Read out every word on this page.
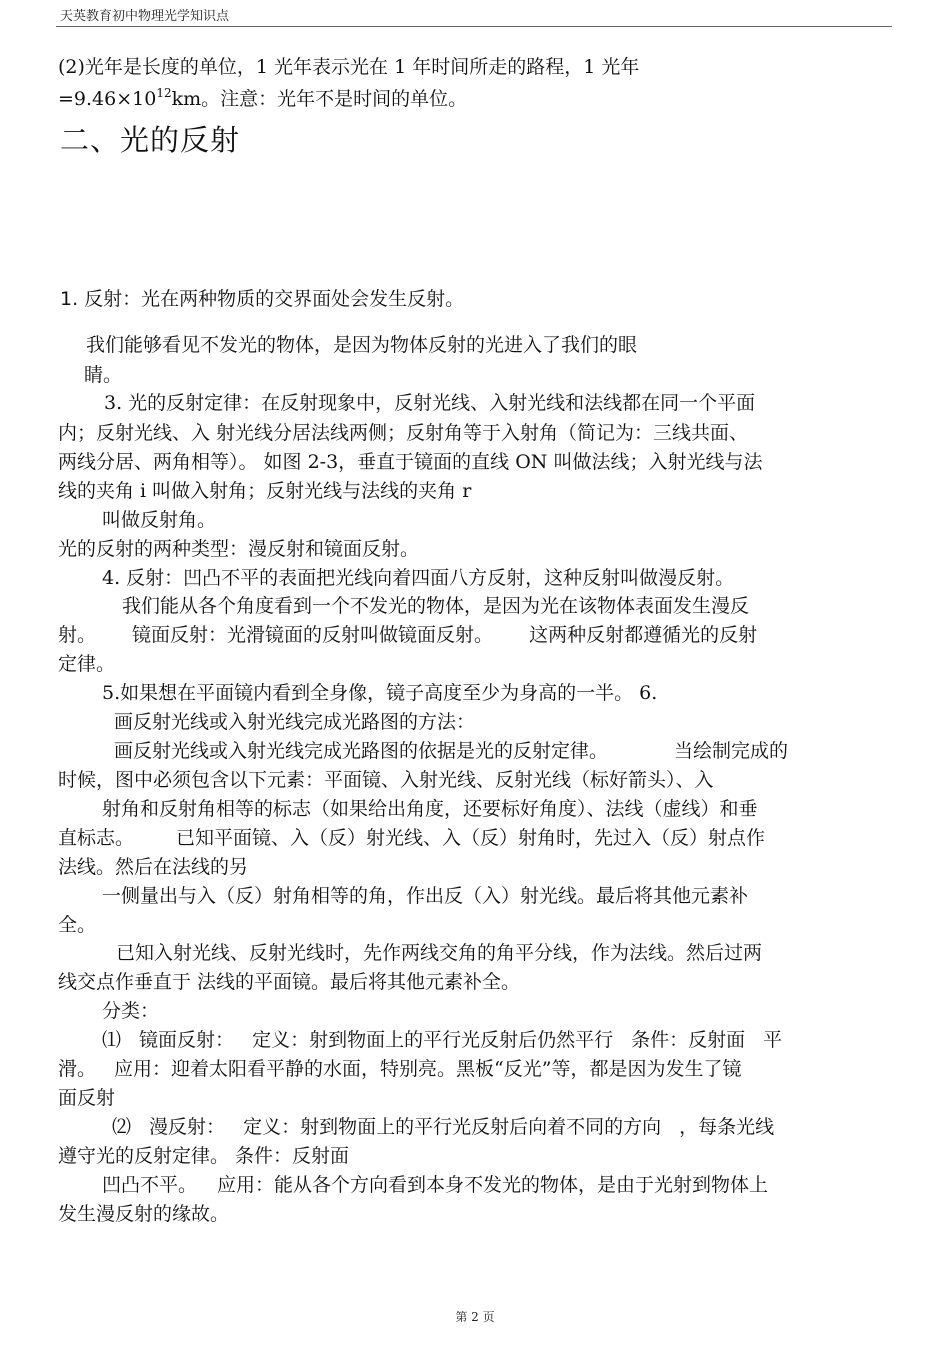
天英教育初中物理光学知识点
(2)光年是长度的单位，1 光年表示光在 1 年时间所走的路程，1 光年
$=9.46\times 10^{12}km$。注意：光年不是时间的单位。
二、光的反射
1. 反射：光在两种物质的交界面处会发生反射。
我们能够看见不发光的物体，是因为物体反射的光进入了我们的眼
睛。
3. 光的反射定律：在反射现象中，反射光线、入射光线和法线都在同一个平面
内；反射光线、入 射光线分居法线两侧；反射角等于入射角（简记为：三线共面、
两线分居、两角相等）。 如图 2-3，垂直于镜面的直线 ON 叫做法线；入射光线与法
线的夹角 i 叫做入射角；反射光线与法线的夹角 r
叫做反射角。
光的反射的两种类型：漫反射和镜面反射。
4. 反射：凹凸不平的表面把光线向着四面八方反射，这种反射叫做漫反射。
我们能从各个角度看到一个不发光的物体，是因为光在该物体表面发生漫反
射。 镜面反射：光滑镜面的反射叫做镜面反射。 这两种反射都遵循光的反射
定律。
5.如果想在平面镜内看到全身像，镜子高度至少为身高的一半。 6.
画反射光线或入射光线完成光路图的方法：
画反射光线或入射光线完成光路图的依据是光的反射定律。 当绘制完成的
时候，图中必须包含以下元素：平面镜、入射光线、反射光线（标好箭头）、入
射角和反射角相等的标志（如果给出角度，还要标好角度）、法线（虚线）和垂
直标志。 已知平面镜、入（反）射光线、入（反）射角时，先过入（反）射点作
法线。然后在法线的另
一侧量出与入（反）射角相等的角，作出反（入）射光线。最后将其他元素补
全。
已知入射光线、反射光线时，先作两线交角的角平分线，作为法线。然后过两
线交点作垂直于 法线的平面镜。最后将其他元素补全。
分类：
⑴ 镜面反射： 定义：射到物面上的平行光反射后仍然平行 条件：反射面 平
滑。 应用：迎着太阳看平静的水面，特别亮。黑板“反光”等，都是因为发生了镜
面反射
⑵ 漫反射： 定义：射到物面上的平行光反射后向着不同的方向 ，每条光线
遵守光的反射定律。 条件：反射面
凹凸不平。 应用：能从各个方向看到本身不发光的物体，是由于光射到物体上
发生漫反射的缘故。
第 2 页
